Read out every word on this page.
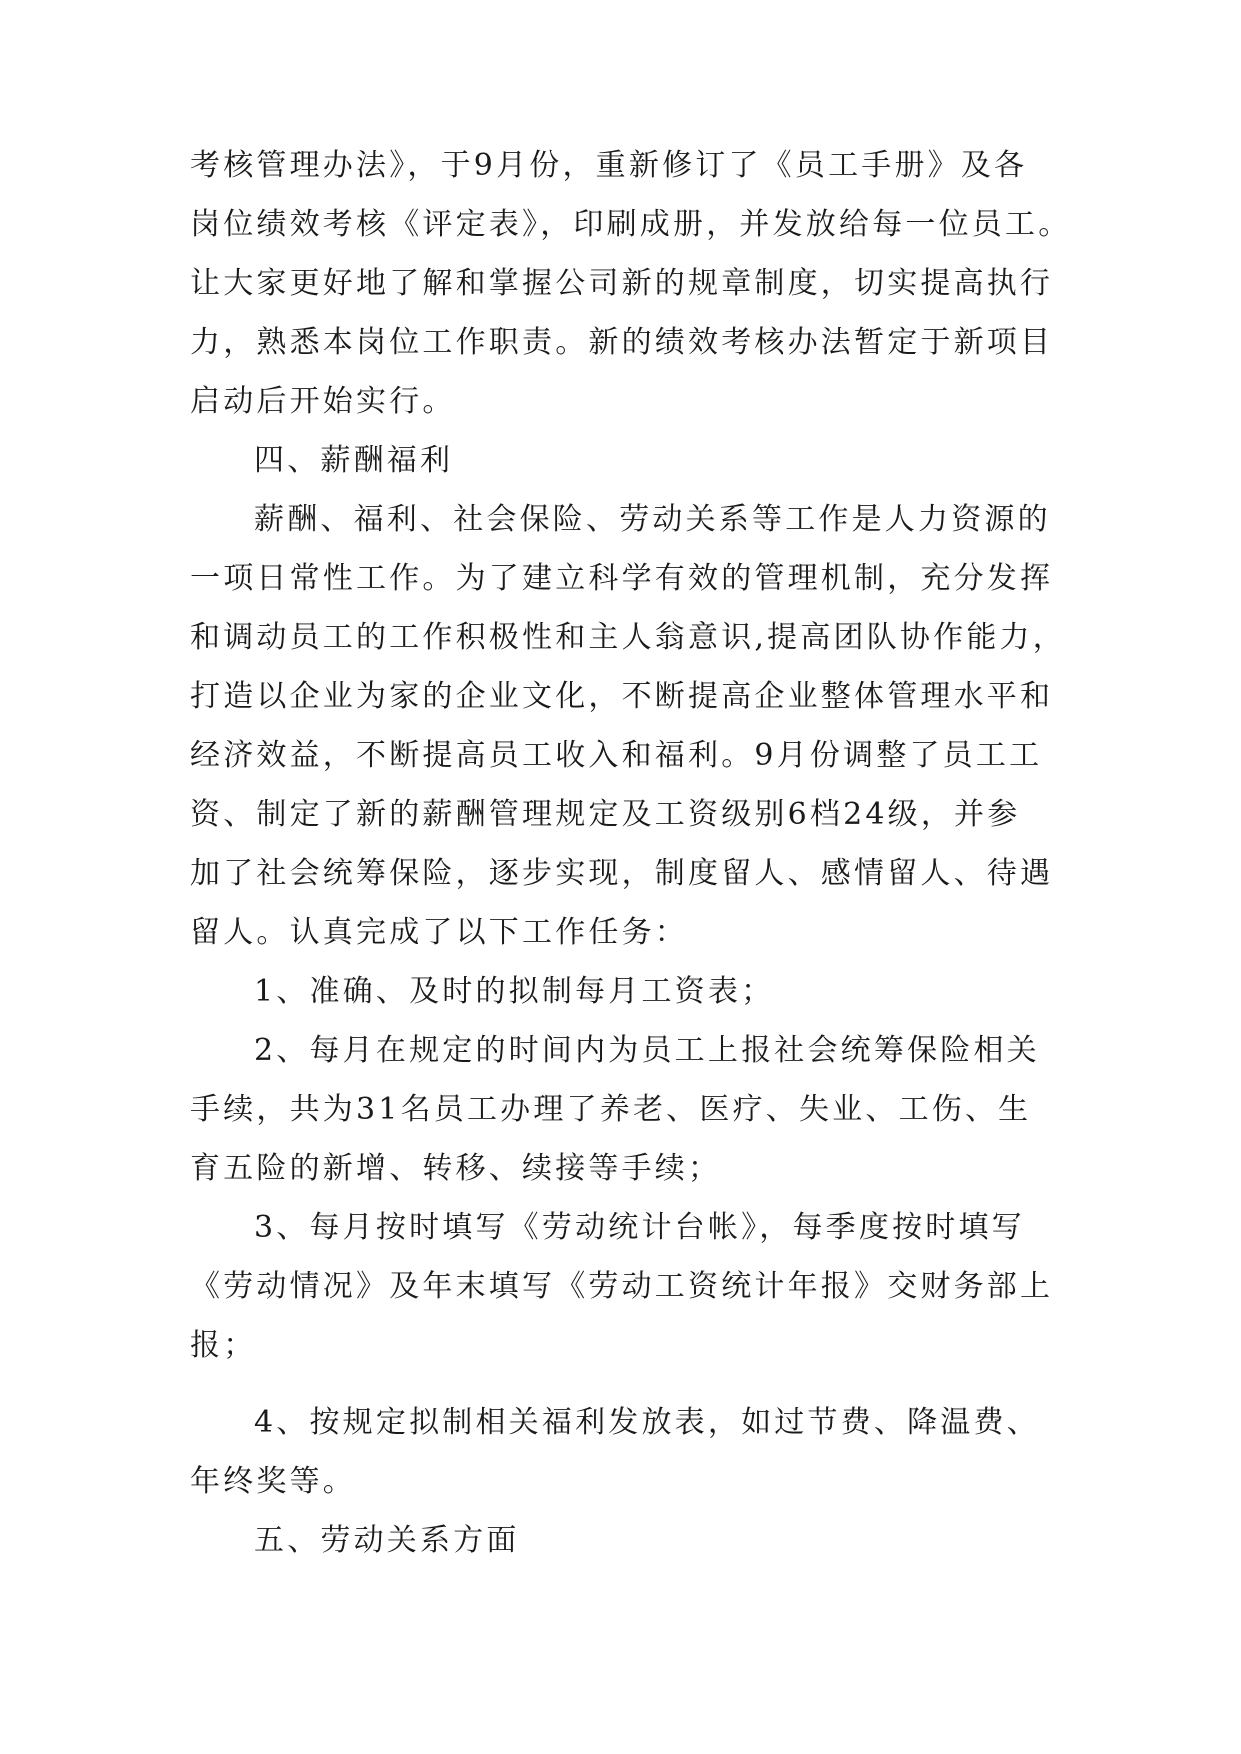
考核管理办法》，于9月份，重新修订了《员工手册》及各
岗位绩效考核《评定表》，印刷成册，并发放给每一位员工。
让大家更好地了解和掌握公司新的规章制度，切实提高执行
力，熟悉本岗位工作职责。新的绩效考核办法暂定于新项目
启动后开始实行。
四、薪酬福利
薪酬、福利、社会保险、劳动关系等工作是人力资源的
一项日常性工作。为了建立科学有效的管理机制，充分发挥
和调动员工的工作积极性和主人翁意识,提高团队协作能力，
打造以企业为家的企业文化，不断提高企业整体管理水平和
经济效益，不断提高员工收入和福利。9月份调整了员工工
资、制定了新的薪酬管理规定及工资级别6档24级，并参
加了社会统筹保险，逐步实现，制度留人、感情留人、待遇
留人。认真完成了以下工作任务：
1、准确、及时的拟制每月工资表；
2、每月在规定的时间内为员工上报社会统筹保险相关
手续，共为31名员工办理了养老、医疗、失业、工伤、生
育五险的新增、转移、续接等手续；
3、每月按时填写《劳动统计台帐》，每季度按时填写
《劳动情况》及年末填写《劳动工资统计年报》交财务部上
报；
4、按规定拟制相关福利发放表，如过节费、降温费、
年终奖等。
五、劳动关系方面
